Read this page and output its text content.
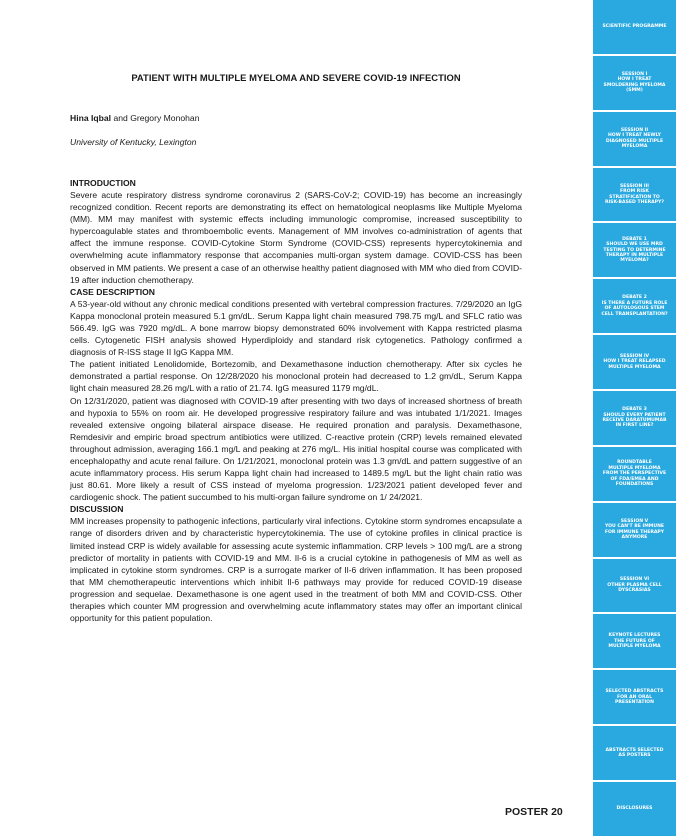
PATIENT WITH MULTIPLE MYELOMA AND SEVERE COVID-19 INFECTION

Hina Iqbal and Gregory Monohan

University of Kentucky, Lexington

INTRODUCTION

Severe acute respiratory distress syndrome coronavirus 2 (SARS-CoV-2; COVID-19) has become an increasingly recognized condition. Recent reports are demonstrating its effect on hematological neoplasms like Multiple Myeloma (MM). MM may manifest with systemic effects including immunologic compromise, increased susceptibility to hypercoagulable states and thromboembolic events. Management of MM involves co-administration of agents that affect the immune response. COVID-Cytokine Storm Syndrome (COVID-CSS) represents hypercytokinemia and overwhelming acute inflammatory response that accompanies multi-organ system damage. COVID-CSS has been observed in MM patients. We present a case of an otherwise healthy patient diagnosed with MM who died from COVID-19 after induction chemotherapy.

CASE DESCRIPTION

A 53-year-old without any chronic medical conditions presented with vertebral compression fractures. 7/29/2020 an IgG Kappa monoclonal protein measured 5.1 gm/dL. Serum Kappa light chain measured 798.75 mg/L and SFLC ratio was 566.49. IgG was 7920 mg/dL. A bone marrow biopsy demonstrated 60% involvement with Kappa restricted plasma cells. Cytogenetic FISH analysis showed Hyperdiploidy and standard risk cytogenetics. Pathology confirmed a diagnosis of R-ISS stage II IgG Kappa MM.

The patient initiated Lenolidomide, Bortezomib, and Dexamethasone induction chemotherapy. After six cycles he demonstrated a partial response. On 12/28/2020 his monoclonal protein had decreased to 1.2 gm/dL, Serum Kappa light chain measured 28.26 mg/L with a ratio of 21.74. IgG measured 1179 mg/dL.

On 12/31/2020, patient was diagnosed with COVID-19 after presenting with two days of increased shortness of breath and hypoxia to 55% on room air. He developed progressive respiratory failure and was intubated 1/1/2021. Images revealed extensive ongoing bilateral airspace disease. He required pronation and paralysis. Dexamethasone, Remdesivir and empiric broad spectrum antibiotics were utilized. C-reactive protein (CRP) levels remained elevated throughout admission, averaging 166.1 mg/L and peaking at 276 mg/L. His initial hospital course was complicated with encephalopathy and acute renal failure. On 1/21/2021, monoclonal protein was 1.3 gm/dL and pattern suggestive of an acute inflammatory process. His serum Kappa light chain had increased to 1489.5 mg/L but the light chain ratio was just 80.61. More likely a result of CSS instead of myeloma progression. 1/23/2021 patient developed fever and cardiogenic shock. The patient succumbed to his multi-organ failure syndrome on 1/ 24/2021.

DISCUSSION

MM increases propensity to pathogenic infections, particularly viral infections. Cytokine storm syndromes encapsulate a range of disorders driven and by characteristic hypercytokinemia. The use of cytokine profiles in clinical practice is limited instead CRP is widely available for assessing acute systemic inflammation. CRP levels > 100 mg/L are a strong predictor of mortality in patients with COVID-19 and MM. Il-6 is a crucial cytokine in pathogenesis of MM as well as implicated in cytokine storm syndromes. CRP is a surrogate marker of Il-6 driven inflammation. It has been proposed that MM chemotherapeutic interventions which inhibit Il-6 pathways may provide for reduced COVID-19 disease progression and sequelae. Dexamethasone is one agent used in the treatment of both MM and COVID-CSS. Other therapies which counter MM progression and overwhelming acute inflammatory states may offer an important clinical opportunity for this patient population.

POSTER 20
SCIENTIFIC PROGRAMME
SESSION I
HOW I TREAT
SMOLDERING MYELOMA
(SMM)
SESSION II
HOW I TREAT NEWLY
DIAGNOSED MULTIPLE
MYELOMA
SESSION III
FROM RISK
STRATIFICATION TO
RISK-BASED THERAPY?
DEBATE 1
SHOULD WE USE MRD
TESTING TO DETERMINE
THERAPY IN MULTIPLE
MYELOMA?
DEBATE 2
IS THERE A FUTURE ROLE
OF AUTOLOGOUS STEM
CELL TRANSPLANTATION?
SESSION IV
HOW I TREAT RELAPSED
MULTIPLE MYELOMA
DEBATE 3
SHOULD EVERY PATIENT
RECEIVE DARATUMUMAB
IN FIRST LINE?
ROUNDTABLE
MULTIPLE MYELOMA
FROM THE PERSPECTIVE
OF FDA/EMEA AND
FOUNDATIONS
SESSION V
YOU CAN'T BE IMMUNE
FOR IMMUNE THERAPY
ANYMORE
SESSION VI
OTHER PLASMA CELL
DYSCRASIAS
KEYNOTE LECTURES
THE FUTURE OF
MULTIPLE MYELOMA
SELECTED ABSTRACTS
FOR AN ORAL
PRESENTATION
ABSTRACTS SELECTED
AS POSTERS
DISCLOSURES
